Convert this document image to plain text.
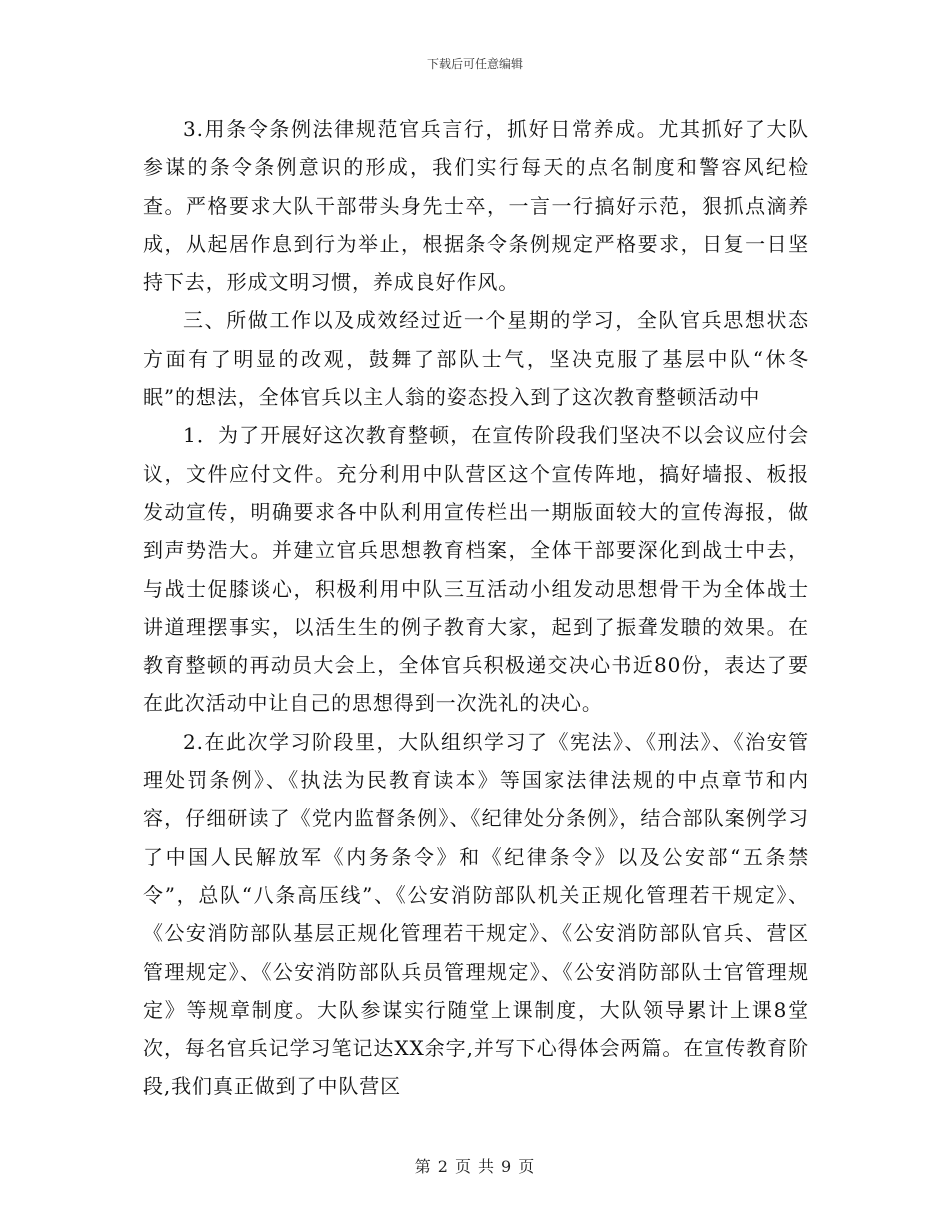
下载后可任意编辑

3.用条令条例法律规范官兵言行，抓好日常养成。尤其抓好了大队参谋的条令条例意识的形成，我们实行每天的点名制度和警容风纪检查。严格要求大队干部带头身先士卒，一言一行搞好示范，狠抓点滴养成，从起居作息到行为举止，根据条令条例规定严格要求，日复一日坚持下去，形成文明习惯，养成良好作风。

三、所做工作以及成效经过近一个星期的学习，全队官兵思想状态方面有了明显的改观，鼓舞了部队士气，坚决克服了基层中队“休冬眠”的想法，全体官兵以主人翁的姿态投入到了这次教育整顿活动中

1．为了开展好这次教育整顿，在宣传阶段我们坚决不以会议应付会议，文件应付文件。充分利用中队营区这个宣传阵地，搞好墙报、板报发动宣传，明确要求各中队利用宣传栏出一期版面较大的宣传海报，做到声势浩大。并建立官兵思想教育档案，全体干部要深化到战士中去，与战士促膝谈心，积极利用中队三互活动小组发动思想骨干为全体战士讲道理摆事实，以活生生的例子教育大家，起到了振聋发聩的效果。在教育整顿的再动员大会上，全体官兵积极递交决心书近80份，表达了要在此次活动中让自己的思想得到一次洗礼的决心。

2.在此次学习阶段里，大队组织学习了《宪法》、《刑法》、《治安管理处罚条例》、《执法为民教育读本》等国家法律法规的中点章节和内容，仔细研读了《党内监督条例》、《纪律处分条例》，结合部队案例学习了中国人民解放军《内务条令》和《纪律条令》以及公安部“五条禁令”，总队“八条高压线”、《公安消防部队机关正规化管理若干规定》、《公安消防部队基层正规化管理若干规定》、《公安消防部队官兵、营区管理规定》、《公安消防部队兵员管理规定》、《公安消防部队士官管理规定》等规章制度。大队参谋实行随堂上课制度，大队领导累计上课8堂次，每名官兵记学习笔记达XX余字,并写下心得体会两篇。在宣传教育阶段,我们真正做到了中队营区

第 2 页 共 9 页
